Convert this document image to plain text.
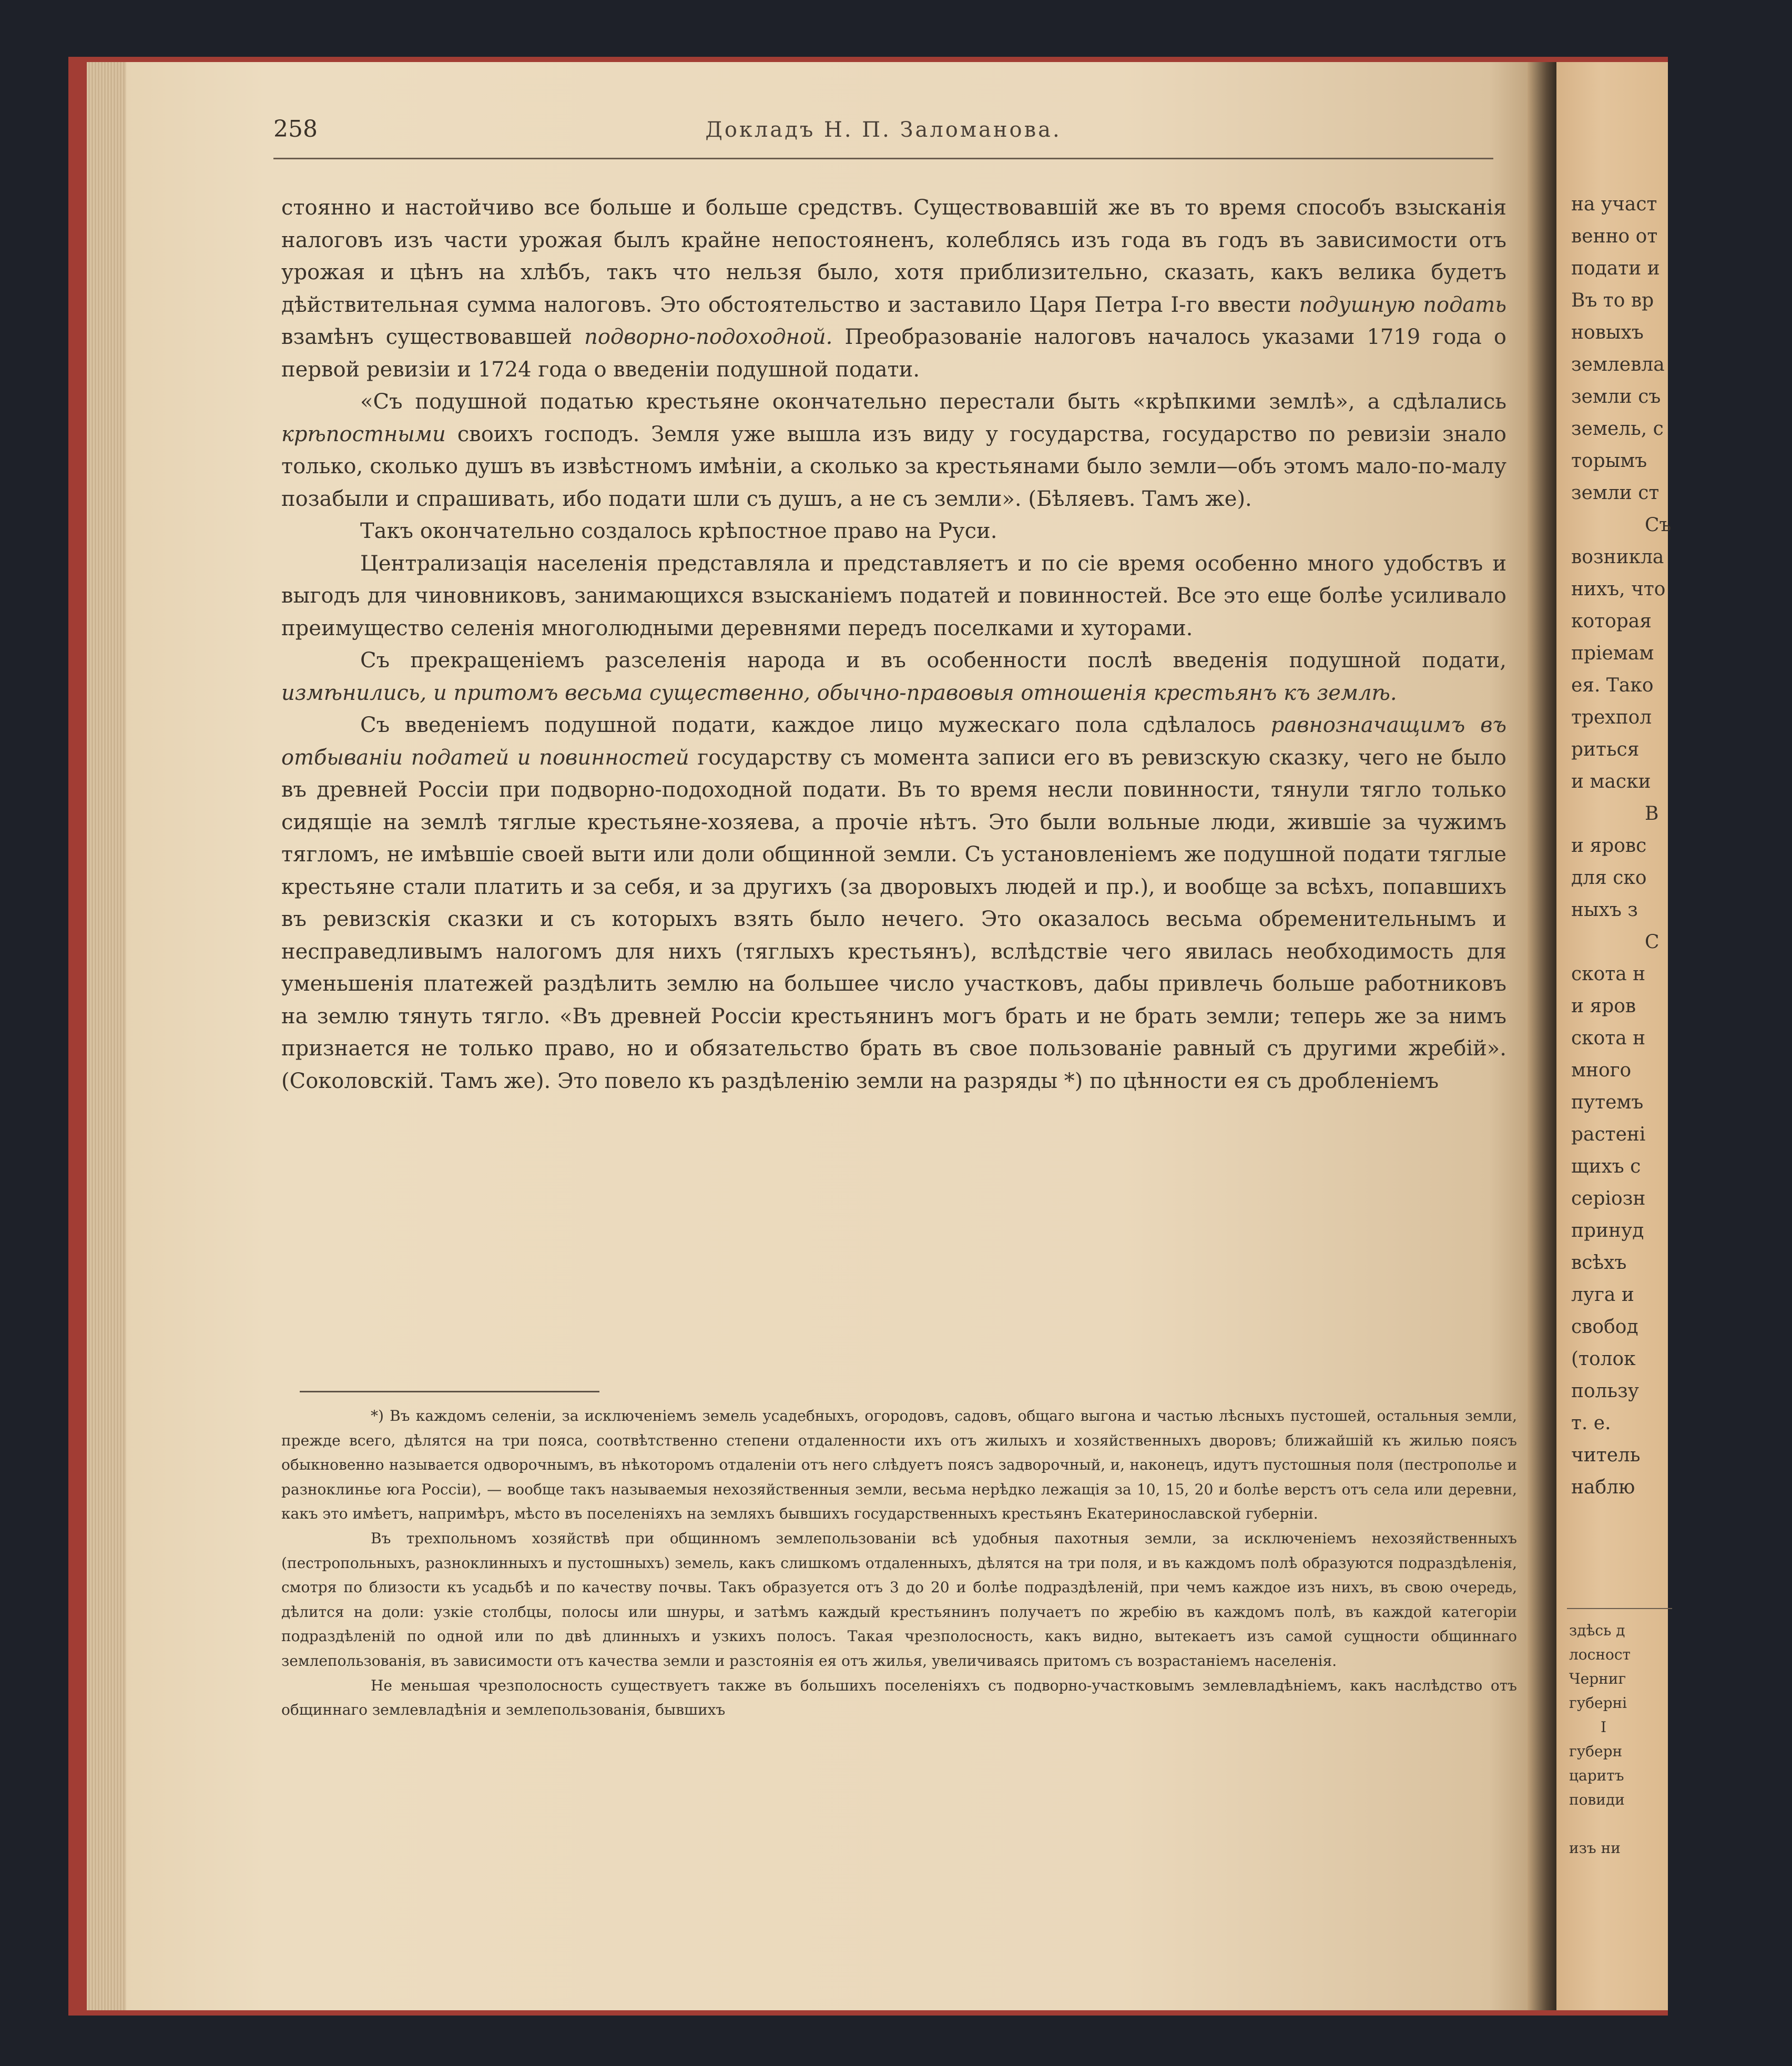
258	Докладъ Н. П. Заломанова.

стоянно и настойчиво все больше и больше средствъ. Существовавшій же въ то время способъ взысканія налоговъ изъ части урожая былъ крайне непостояненъ, колеблясь изъ года въ годъ въ зависимости отъ урожая и цѣнъ на хлѣбъ, такъ что нельзя было, хотя приблизительно, сказать, какъ велика будетъ дѣйствительная сумма налоговъ. Это обстоятельство и заставило Царя Петра I-го ввести подушную подать взамѣнъ существовавшей подворно-подоходной. Преобразованіе налоговъ началось указами 1719 года о первой ревизіи и 1724 года о введеніи подушной подати.

«Съ подушной податью крестьяне окончательно перестали быть «крѣпкими землѣ», а сдѣлались крѣпостными своихъ господъ. Земля уже вышла изъ виду у государства, государство по ревизіи знало только, сколько душъ въ извѣстномъ имѣніи, а сколько за крестьянами было земли—объ этомъ мало-по-малу позабыли и спрашивать, ибо подати шли съ душъ, а не съ земли». (Бѣляевъ. Тамъ же).

Такъ окончательно создалось крѣпостное право на Руси.

Централизація населенія представляла и представляетъ и по сіе время особенно много удобствъ и выгодъ для чиновниковъ, занимающихся взысканіемъ податей и повинностей. Все это еще болѣе усиливало преимущество селенія многолюдными деревнями передъ поселками и хуторами.

Съ прекращеніемъ разселенія народа и въ особенности послѣ введенія подушной подати, измѣнились, и притомъ весьма существенно, обычно-правовыя отношенія крестьянъ къ землѣ.

Съ введеніемъ подушной подати, каждое лицо мужескаго пола сдѣлалось равнозначащимъ въ отбываніи податей и повинностей государству съ момента записи его въ ревизскую сказку, чего не было въ древней Россіи при подворно-подоходной подати. Въ то время несли повинности, тянули тягло только сидящіе на землѣ тяглые крестьяне-хозяева, а прочіе нѣтъ. Это были вольные люди, жившіе за чужимъ тягломъ, не имѣвшіе своей выти или доли общинной земли. Съ установленіемъ же подушной подати тяглые крестьяне стали платить и за себя, и за другихъ (за дворовыхъ людей и пр.), и вообще за всѣхъ, попавшихъ въ ревизскія сказки и съ которыхъ взять было нечего. Это оказалось весьма обременительнымъ и несправедливымъ налогомъ для нихъ (тяглыхъ крестьянъ), вслѣдствіе чего явилась необходимость для уменьшенія платежей раздѣлить землю на большее число участковъ, дабы привлечь больше работниковъ на землю тянуть тягло. «Въ древней Россіи крестьянинъ могъ брать и не брать земли; теперь же за нимъ признается не только право, но и обязательство брать въ свое пользованіе равный съ другими жребій». (Соколовскій. Тамъ же). Это повело къ раздѣленію земли на разряды *) по цѣнности ея съ дробленіемъ

*) Въ каждомъ селеніи, за исключеніемъ земель усадебныхъ, огородовъ, садовъ, общаго выгона и частью лѣсныхъ пустошей, остальныя земли, прежде всего, дѣлятся на три пояса, соотвѣтственно степени отдаленности ихъ отъ жилыхъ и хозяйственныхъ дворовъ; ближайшій къ жилью поясъ обыкновенно называется одворочнымъ, въ нѣкоторомъ отдаленіи отъ него слѣдуетъ поясъ задворочный, и, наконецъ, идутъ пустошныя поля (пестрополье и разноклинье юга Россіи), — вообще такъ называемыя нехозяйственныя земли, весьма нерѣдко лежащія за 10, 15, 20 и болѣе верстъ отъ села или деревни, какъ это имѣетъ, напримѣръ, мѣсто въ поселеніяхъ на земляхъ бывшихъ государственныхъ крестьянъ Екатеринославской губерніи.

Въ трехпольномъ хозяйствѣ при общинномъ землепользованіи всѣ удобныя пахотныя земли, за исключеніемъ нехозяйственныхъ (пестропольныхъ, разноклинныхъ и пустошныхъ) земель, какъ слишкомъ отдаленныхъ, дѣлятся на три поля, и въ каждомъ полѣ образуются подраздѣленія, смотря по близости къ усадьбѣ и по качеству почвы. Такъ образуется отъ 3 до 20 и болѣе подраздѣленій, при чемъ каждое изъ нихъ, въ свою очередь, дѣлится на доли: узкіе столбцы, полосы или шнуры, и затѣмъ каждый крестьянинъ получаетъ по жребію въ каждомъ полѣ, въ каждой категоріи подраздѣленій по одной или по двѣ длинныхъ и узкихъ полосъ. Такая чрезполосность, какъ видно, вытекаетъ изъ самой сущности общиннаго землепользованія, въ зависимости отъ качества земли и разстоянія ея отъ жилья, увеличиваясь притомъ съ возрастаніемъ населенія.

Не меньшая чрезполосность существуетъ также въ большихъ поселеніяхъ съ подворно-участковымъ землевладѣніемъ, какъ наслѣдство отъ общиннаго землевладѣнія и землепользованія, бывшихъ

на участ
венно от
подати и
Въ то вр
новыхъ
землевла
земли съ
земель, с
торымъ
земли ст
Съ
возникла
нихъ, что
которая
пріемам
ея. Тако
трехпол
риться
и маски
В
и яровс
для ско
ныхъ з
С
скота н
и яров
скота н
много
путемъ
растені
щихъ с
серіозн
принуд
всѣхъ
луга и
свобод
(толок
пользу
т. е.
читель
наблю
здѣсь д
лосност
Черниг
губерні
I
губерн
царитъ
повиди
изъ ни
